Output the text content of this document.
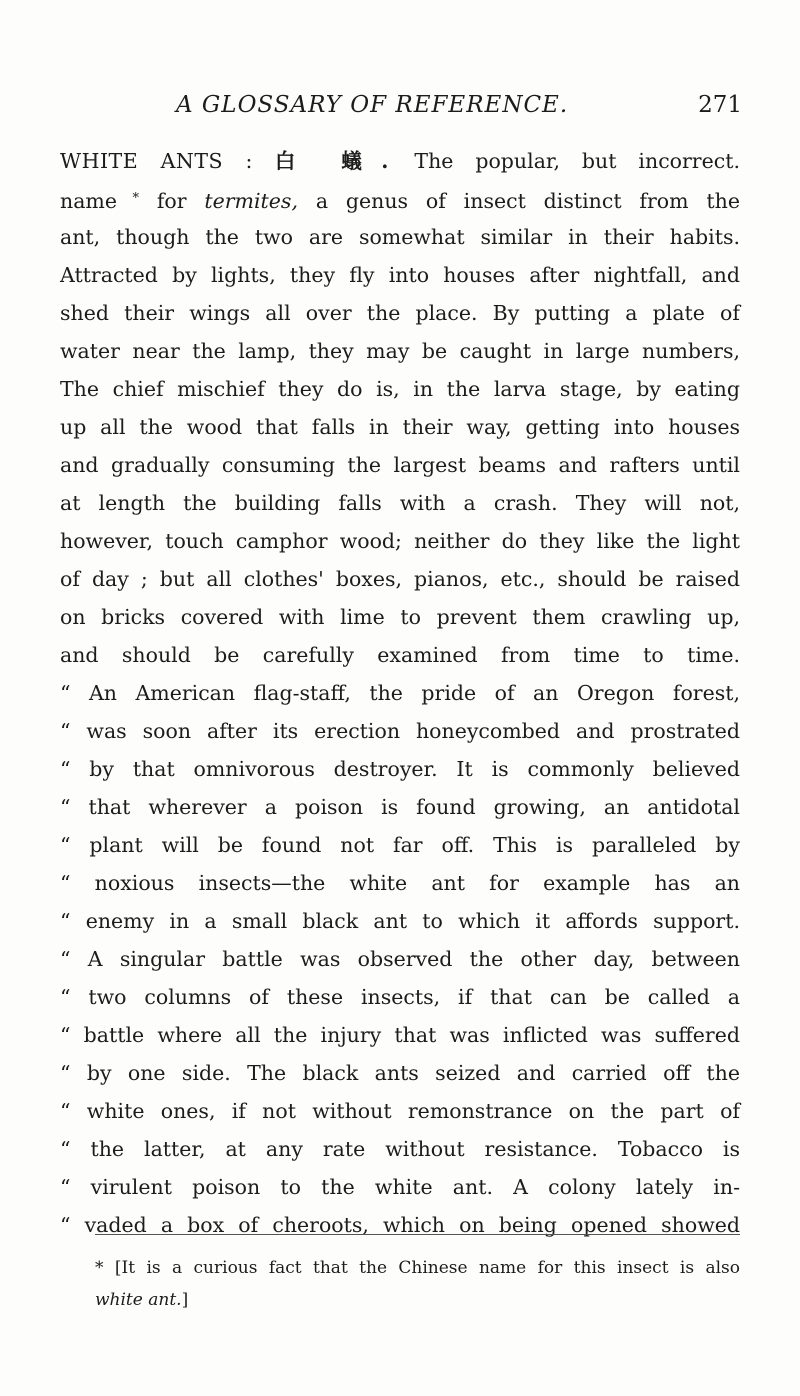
A GLOSSARY OF REFERENCE.	271
WHITE ANTS : 白 蟻. The popular, but incorrect.
name * for termites, a genus of insect distinct from the
ant, though the two are somewhat similar in their habits.
Attracted by lights, they fly into houses after nightfall, and
shed their wings all over the place. By putting a plate of
water near the lamp, they may be caught in large numbers,
The chief mischief they do is, in the larva stage, by eating
up all the wood that falls in their way, getting into houses
and gradually consuming the largest beams and rafters until
at length the building falls with a crash. They will not,
however, touch camphor wood; neither do they like the light
of day ; but all clothes' boxes, pianos, etc., should be raised
on bricks covered with lime to prevent them crawling up,
and should be carefully examined from time to time.
“ An American flag-staff, the pride of an Oregon forest,
“ was soon after its erection honeycombed and prostrated
“ by that omnivorous destroyer. It is commonly believed
“ that wherever a poison is found growing, an antidotal
“ plant will be found not far off. This is paralleled by
“ noxious insects—the white ant for example has an
“ enemy in a small black ant to which it affords support.
“ A singular battle was observed the other day, between
“ two columns of these insects, if that can be called a
“ battle where all the injury that was inflicted was suffered
“ by one side. The black ants seized and carried off the
“ white ones, if not without remonstrance on the part of
“ the latter, at any rate without resistance. Tobacco is
“ virulent poison to the white ant. A colony lately in-
“ vaded a box of cheroots, which on being opened showed
* [It is a curious fact that the Chinese name for this insect is also
white ant.]
